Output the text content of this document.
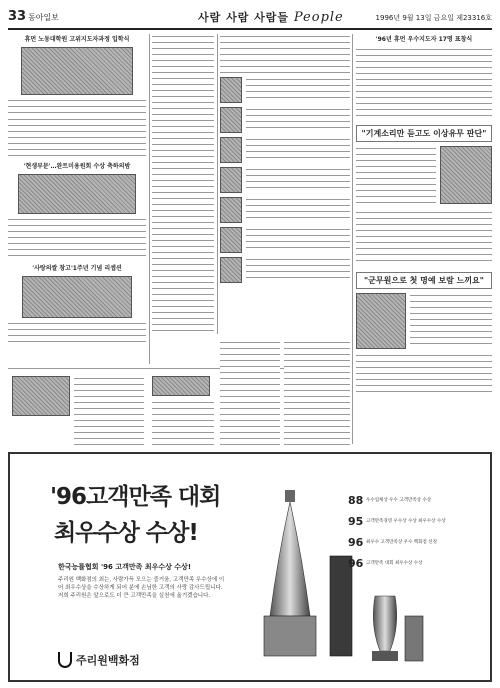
33 동아일보	사람 사람 사람들 People	1996년 9월 13일 금요일 제23316호
휴먼 노동대학원 고위지도자과정 입학식
'현생부문'…완트미용원회 수상 축하의밤
'사랑의쌀 창고'1주년 기념 리셉션
'96년 휴먼 우수지도자 17명 표창식
"기계소리만 듣고도 이상유무 판단"
"군무원으로 첫 명예 보람 느끼요"
'96고객만족 대회
최우수상 수상!
한국능률협회 '96 고객만족 최우수상 수상!
주리원 백화점의 최는, 사람가득 모으는 즐거움, 고객만족 우수상에 이어 최우수상을 수상하게 되어 분에 손님한 고객의 사랑 감사드립니다. 저희 주리원은 앞으로도 더 큰 고객만족을 실천에 옮기겠습니다.
주리원백화점
88 우수업체상 우수 고객만족상 수상
95 고객만족경영 우수상 수상 최우수상 수상
96 최우수 고객만족상 우수 백화점 선정
96 고객만족 대회 최우수상 수상
